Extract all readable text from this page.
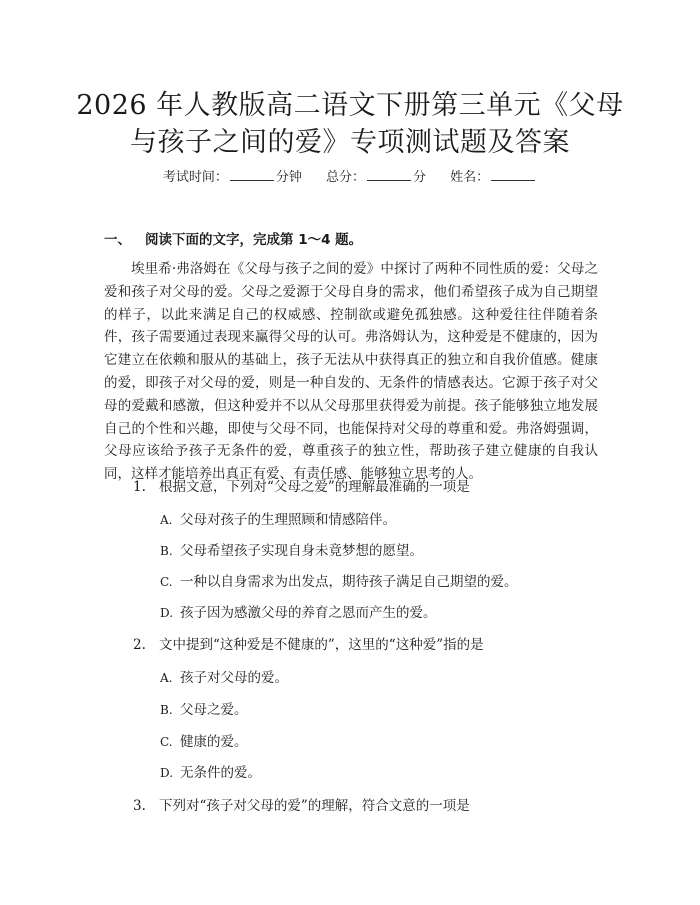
2026 年人教版高二语文下册第三单元《父母
与孩子之间的爱》专项测试题及答案
考试时间：	分钟 总分：	分 姓名：
一、 阅读下面的文字，完成第 1～4 题。

埃里希·弗洛姆在《父母与孩子之间的爱》中探讨了两种不同性质的爱：父母之爱和孩子对父母的爱。父母之爱源于父母自身的需求，他们希望孩子成为自己期望的样子，以此来满足自己的权威感、控制欲或避免孤独感。这种爱往往伴随着条件，孩子需要通过表现来赢得父母的认可。弗洛姆认为，这种爱是不健康的，因为它建立在依赖和服从的基础上，孩子无法从中获得真正的独立和自我价值感。健康的爱，即孩子对父母的爱，则是一种自发的、无条件的情感表达。它源于孩子对父母的爱戴和感激，但这种爱并不以从父母那里获得爱为前提。孩子能够独立地发展自己的个性和兴趣，即使与父母不同，也能保持对父母的尊重和爱。弗洛姆强调，父母应该给予孩子无条件的爱，尊重孩子的独立性，帮助孩子建立健康的自我认同，这样才能培养出真正有爱、有责任感、能够独立思考的人。

1. 根据文意，下列对“父母之爱”的理解最准确的一项是
A. 父母对孩子的生理照顾和情感陪伴。
B. 父母希望孩子实现自身未竟梦想的愿望。
C. 一种以自身需求为出发点，期待孩子满足自己期望的爱。
D. 孩子因为感激父母的养育之恩而产生的爱。
2. 文中提到“这种爱是不健康的”，这里的“这种爱”指的是
A. 孩子对父母的爱。
B. 父母之爱。
C. 健康的爱。
D. 无条件的爱。
3. 下列对“孩子对父母的爱”的理解，符合文意的一项是
